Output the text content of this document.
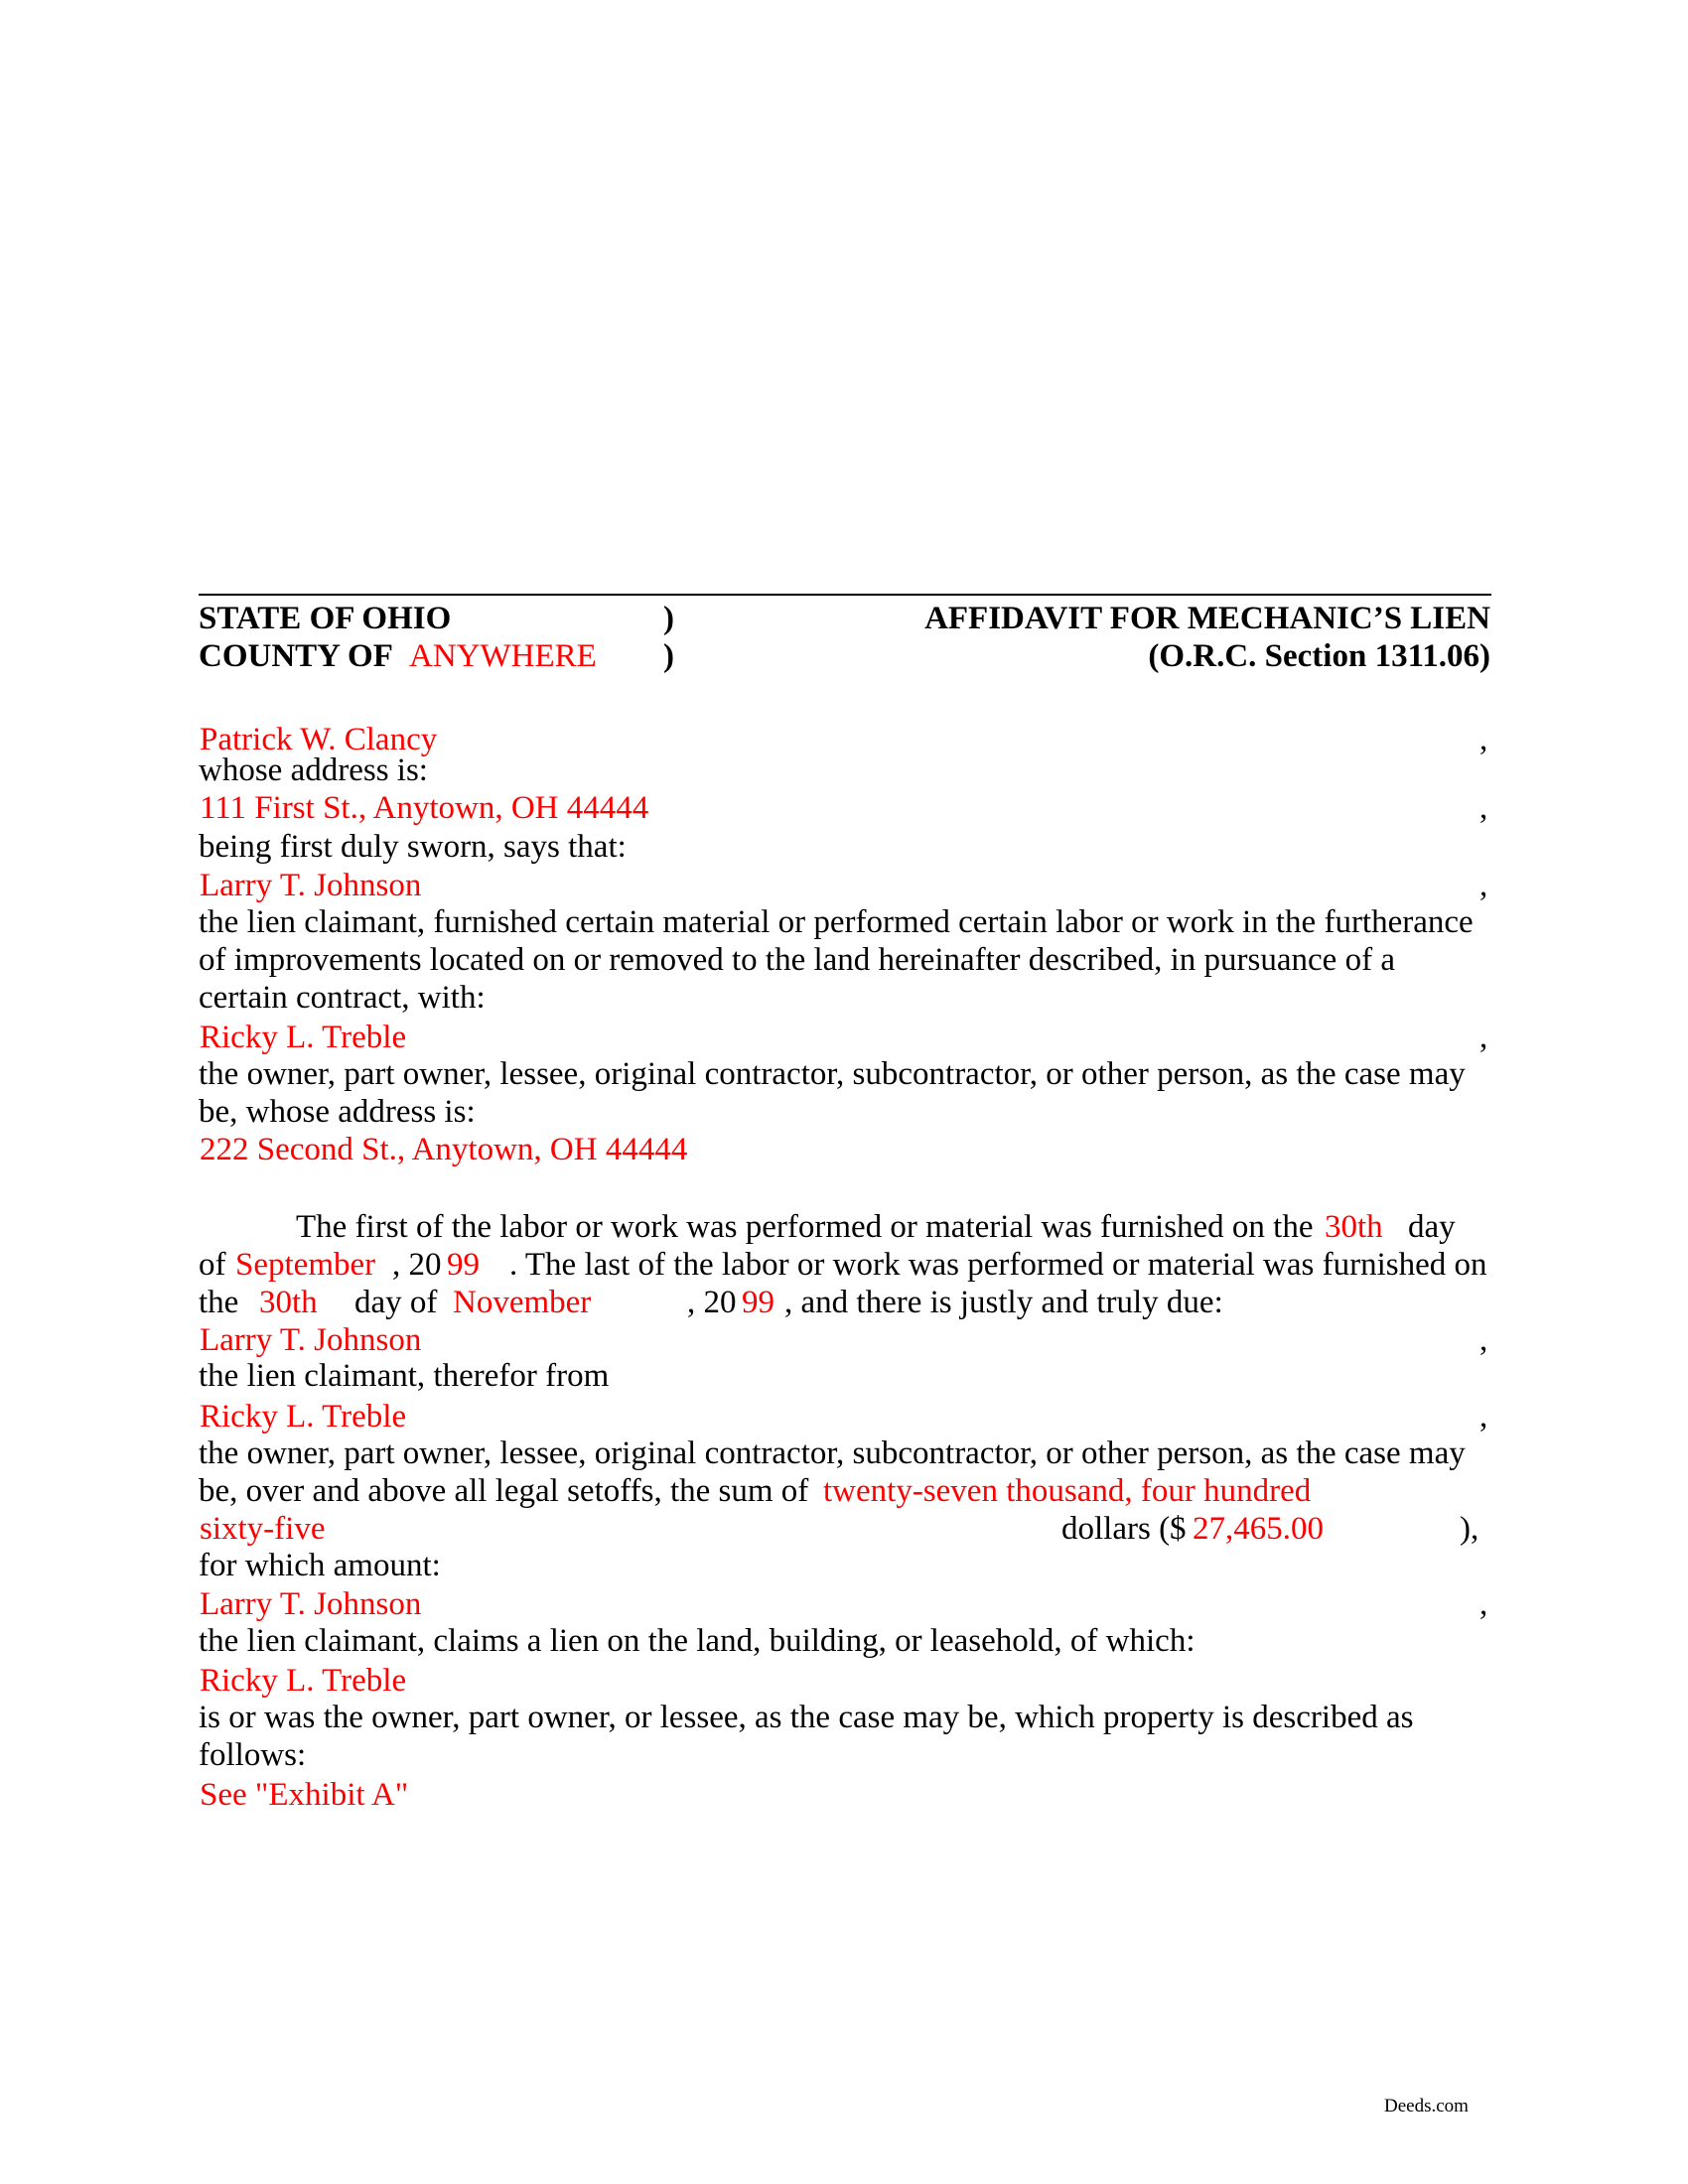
STATE OF OHIO	)	AFFIDAVIT FOR MECHANIC’S LIEN
COUNTY OF ANYWHERE )	(O.R.C. Section 1311.06)
Patrick W. Clancy	,
whose address is:
111 First St., Anytown, OH 44444	,
being first duly sworn, says that:
Larry T. Johnson	,
the lien claimant, furnished certain material or performed certain labor or work in the furtherance
of improvements located on or removed to the land hereinafter described, in pursuance of a
certain contract, with:
Ricky L. Treble	,
the owner, part owner, lessee, original contractor, subcontractor, or other person, as the case may
be, whose address is:
222 Second St., Anytown, OH 44444
The first of the labor or work was performed or material was furnished on the 30th day
of September , 20 99 . The last of the labor or work was performed or material was furnished on
the 30th day of November	, 20 99 , and there is justly and truly due:
Larry T. Johnson	,
the lien claimant, therefor from
Ricky L. Treble	,
the owner, part owner, lessee, original contractor, subcontractor, or other person, as the case may
be, over and above all legal setoffs, the sum of twenty-seven thousand, four hundred
sixty-five	dollars ($ 27,465.00	),
for which amount:
Larry T. Johnson	,
the lien claimant, claims a lien on the land, building, or leasehold, of which:
Ricky L. Treble
is or was the owner, part owner, or lessee, as the case may be, which property is described as
follows:
See "Exhibit A"
Deeds.com
